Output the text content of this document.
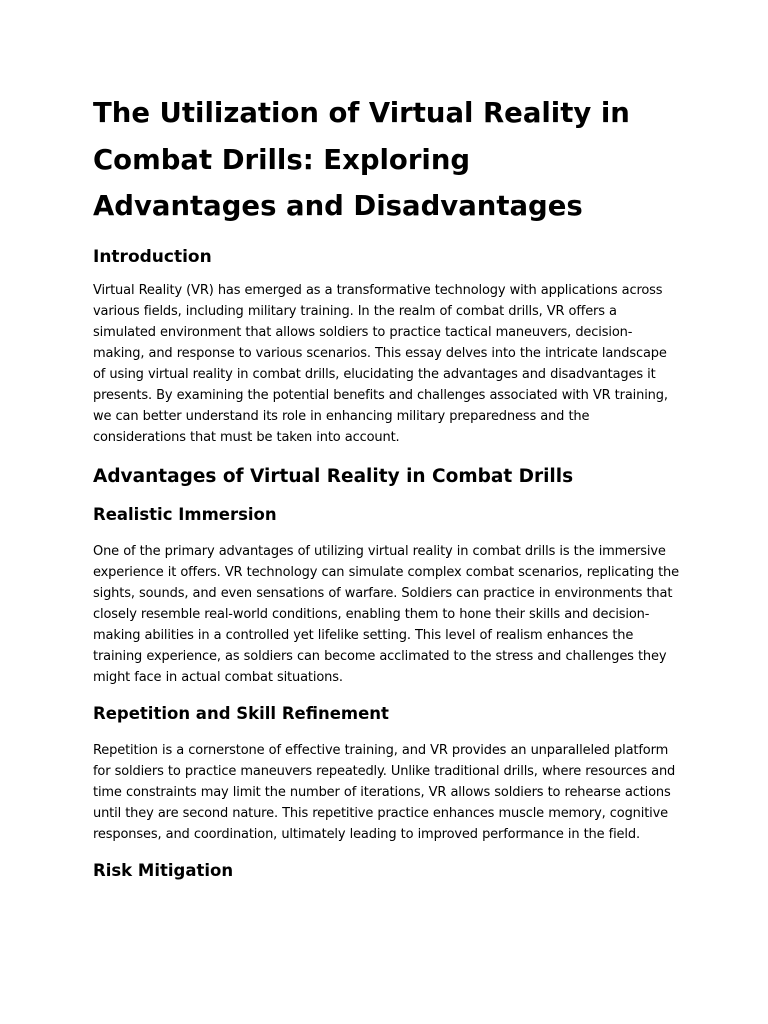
The Utilization of Virtual Reality in
Combat Drills: Exploring
Advantages and Disadvantages
Introduction

Virtual Reality (VR) has emerged as a transformative technology with applications across various fields, including military training. In the realm of combat drills, VR offers a simulated environment that allows soldiers to practice tactical maneuvers, decision-making, and response to various scenarios. This essay delves into the intricate landscape of using virtual reality in combat drills, elucidating the advantages and disadvantages it presents. By examining the potential benefits and challenges associated with VR training, we can better understand its role in enhancing military preparedness and the considerations that must be taken into account.

Advantages of Virtual Reality in Combat Drills
Realistic Immersion

One of the primary advantages of utilizing virtual reality in combat drills is the immersive experience it offers. VR technology can simulate complex combat scenarios, replicating the sights, sounds, and even sensations of warfare. Soldiers can practice in environments that closely resemble real-world conditions, enabling them to hone their skills and decision-making abilities in a controlled yet lifelike setting. This level of realism enhances the training experience, as soldiers can become acclimated to the stress and challenges they might face in actual combat situations.

Repetition and Skill Refinement

Repetition is a cornerstone of effective training, and VR provides an unparalleled platform for soldiers to practice maneuvers repeatedly. Unlike traditional drills, where resources and time constraints may limit the number of iterations, VR allows soldiers to rehearse actions until they are second nature. This repetitive practice enhances muscle memory, cognitive responses, and coordination, ultimately leading to improved performance in the field.

Risk Mitigation
